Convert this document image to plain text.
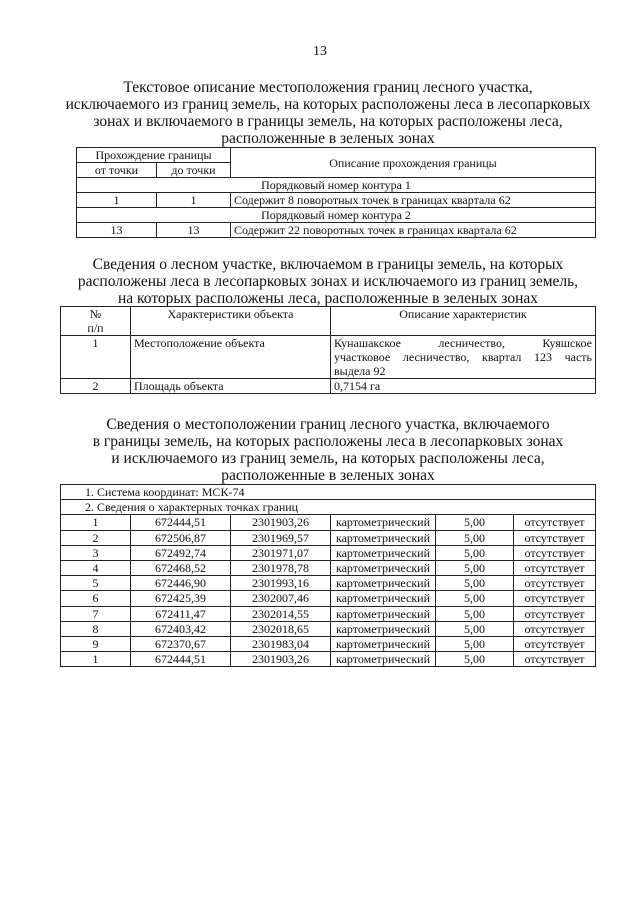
13
Текстовое описание местоположения границ лесного участка,
исключаемого из границ земель, на которых расположены леса в лесопарковых
зонах и включаемого в границы земель, на которых расположены леса,
расположенные в зеленых зонах
Прохождение границы		Описание прохождения границы
от точки	до точки	
Порядковый номер контура 1		
1	1	Содержит 8 поворотных точек в границах квартала 62
Порядковый номер контура 2		
13	13	Содержит 22 поворотных точек в границах квартала 62
Сведения о лесном участке, включаемом в границы земель, на которых
расположены леса в лесопарковых зонах и исключаемого из границ земель,
на которых расположены леса, расположенные в зеленых зонах
№
п/п	Характеристики объекта	Описание характеристик
1	Местоположение объекта	Кунашакское лесничество, Куяшское
участковое лесничество, квартал 123 часть
выдела 92

2	Площадь объекта	0,7154 га
Сведения о местоположении границ лесного участка, включаемого
в границы земель, на которых расположены леса в лесопарковых зонах
и исключаемого из границ земель, на которых расположены леса,
расположенные в зеленых зонах
1. Система координат: МСК-74					
2. Сведения о характерных точках границ					
1	672444,51	2301903,26	картометрический	5,00	отсутствует
2	672506,87	2301969,57	картометрический	5,00	отсутствует
3	672492,74	2301971,07	картометрический	5,00	отсутствует
4	672468,52	2301978,78	картометрический	5,00	отсутствует
5	672446,90	2301993,16	картометрический	5,00	отсутствует
6	672425,39	2302007,46	картометрический	5,00	отсутствует
7	672411,47	2302014,55	картометрический	5,00	отсутствует
8	672403,42	2302018,65	картометрический	5,00	отсутствует
9	672370,67	2301983,04	картометрический	5,00	отсутствует
1	672444,51	2301903,26	картометрический	5,00	отсутствует
